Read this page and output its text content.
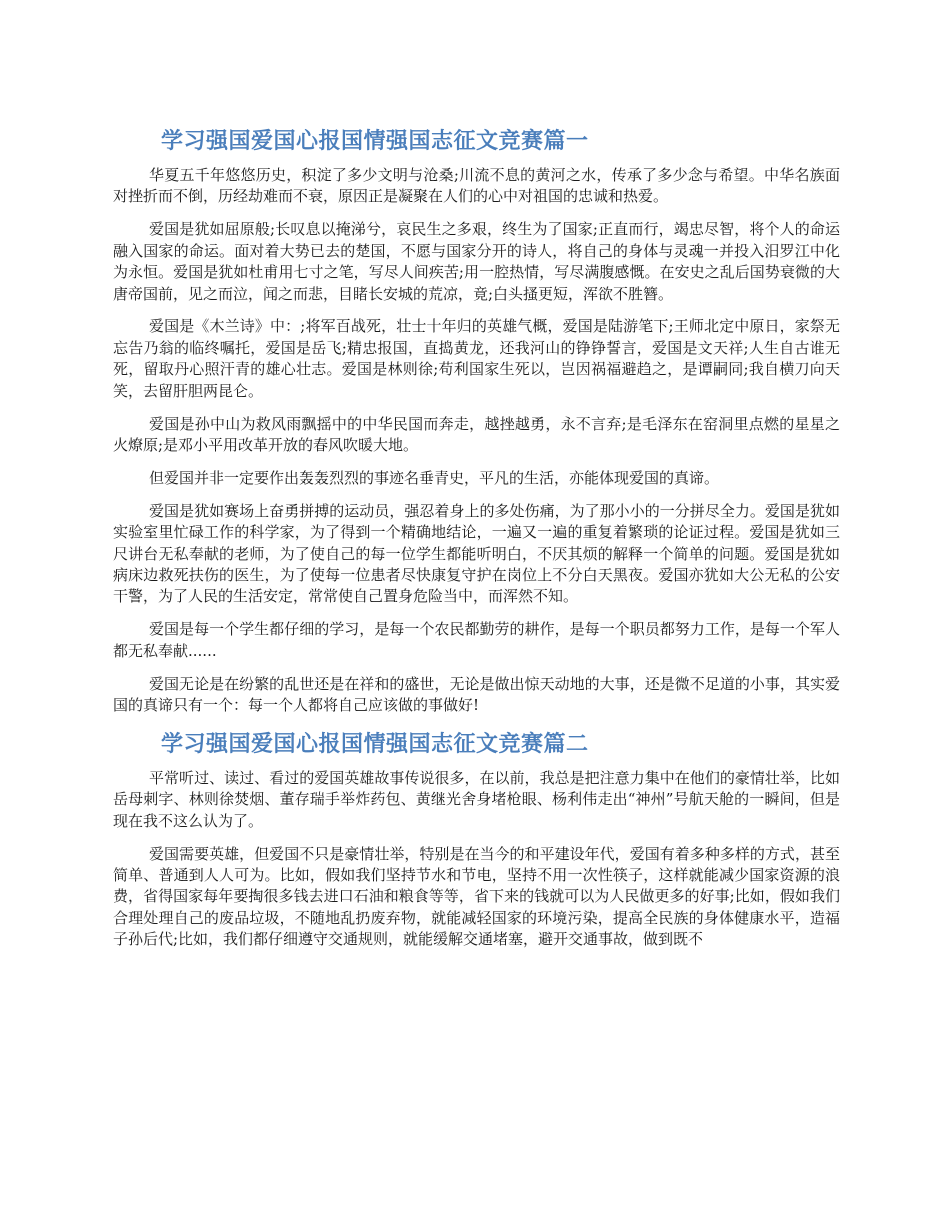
学习强国爱国心报国情强国志征文竞赛篇一

华夏五千年悠悠历史，积淀了多少文明与沧桑;川流不息的黄河之水，传承了多少念与希望。中华名族面对挫折而不倒，历经劫难而不衰，原因正是凝聚在人们的心中对祖国的忠诚和热爱。

爱国是犹如屈原般;长叹息以掩涕兮，哀民生之多艰，终生为了国家;正直而行，竭忠尽智，将个人的命运融入国家的命运。面对着大势已去的楚国，不愿与国家分开的诗人，将自己的身体与灵魂一并投入汨罗江中化为永恒。爱国是犹如杜甫用七寸之笔，写尽人间疾苦;用一腔热情，写尽满腹感慨。在安史之乱后国势衰微的大唐帝国前，见之而泣，闻之而悲，目睹长安城的荒凉，竟;白头搔更短，浑欲不胜簪。

爱国是《木兰诗》中：;将军百战死，壮士十年归的英雄气概，爱国是陆游笔下;王师北定中原日，家祭无忘告乃翁的临终嘱托，爱国是岳飞;精忠报国，直捣黄龙，还我河山的铮铮誓言，爱国是文天祥;人生自古谁无死，留取丹心照汗青的雄心壮志。爱国是林则徐;苟利国家生死以，岂因祸福避趋之，是谭嗣同;我自横刀向天笑，去留肝胆两昆仑。

爱国是孙中山为救风雨飘摇中的中华民国而奔走，越挫越勇，永不言弃;是毛泽东在窑洞里点燃的星星之火燎原;是邓小平用改革开放的春风吹暖大地。

但爱国并非一定要作出轰轰烈烈的事迹名垂青史，平凡的生活，亦能体现爱国的真谛。

爱国是犹如赛场上奋勇拼搏的运动员，强忍着身上的多处伤痛，为了那小小的一分拼尽全力。爱国是犹如实验室里忙碌工作的科学家，为了得到一个精确地结论，一遍又一遍的重复着繁琐的论证过程。爱国是犹如三尺讲台无私奉献的老师，为了使自己的每一位学生都能听明白，不厌其烦的解释一个简单的问题。爱国是犹如病床边救死扶伤的医生，为了使每一位患者尽快康复守护在岗位上不分白天黑夜。爱国亦犹如大公无私的公安干警，为了人民的生活安定，常常使自己置身危险当中，而浑然不知。

爱国是每一个学生都仔细的学习，是每一个农民都勤劳的耕作，是每一个职员都努力工作，是每一个军人都无私奉献......

爱国无论是在纷繁的乱世还是在祥和的盛世，无论是做出惊天动地的大事，还是微不足道的小事，其实爱国的真谛只有一个：每一个人都将自己应该做的事做好!

学习强国爱国心报国情强国志征文竞赛篇二

平常听过、读过、看过的爱国英雄故事传说很多，在以前，我总是把注意力集中在他们的豪情壮举，比如岳母刺字、林则徐焚烟、董存瑞手举炸药包、黄继光舍身堵枪眼、杨利伟走出“神州”号航天舱的一瞬间，但是现在我不这么认为了。

爱国需要英雄，但爱国不只是豪情壮举，特别是在当今的和平建设年代，爱国有着多种多样的方式，甚至简单、普通到人人可为。比如，假如我们坚持节水和节电，坚持不用一次性筷子，这样就能减少国家资源的浪费，省得国家每年要掏很多钱去进口石油和粮食等等，省下来的钱就可以为人民做更多的好事;比如，假如我们合理处理自己的废品垃圾，不随地乱扔废弃物，就能减轻国家的环境污染，提高全民族的身体健康水平，造福子孙后代;比如，我们都仔细遵守交通规则，就能缓解交通堵塞，避开交通事故，做到既不
